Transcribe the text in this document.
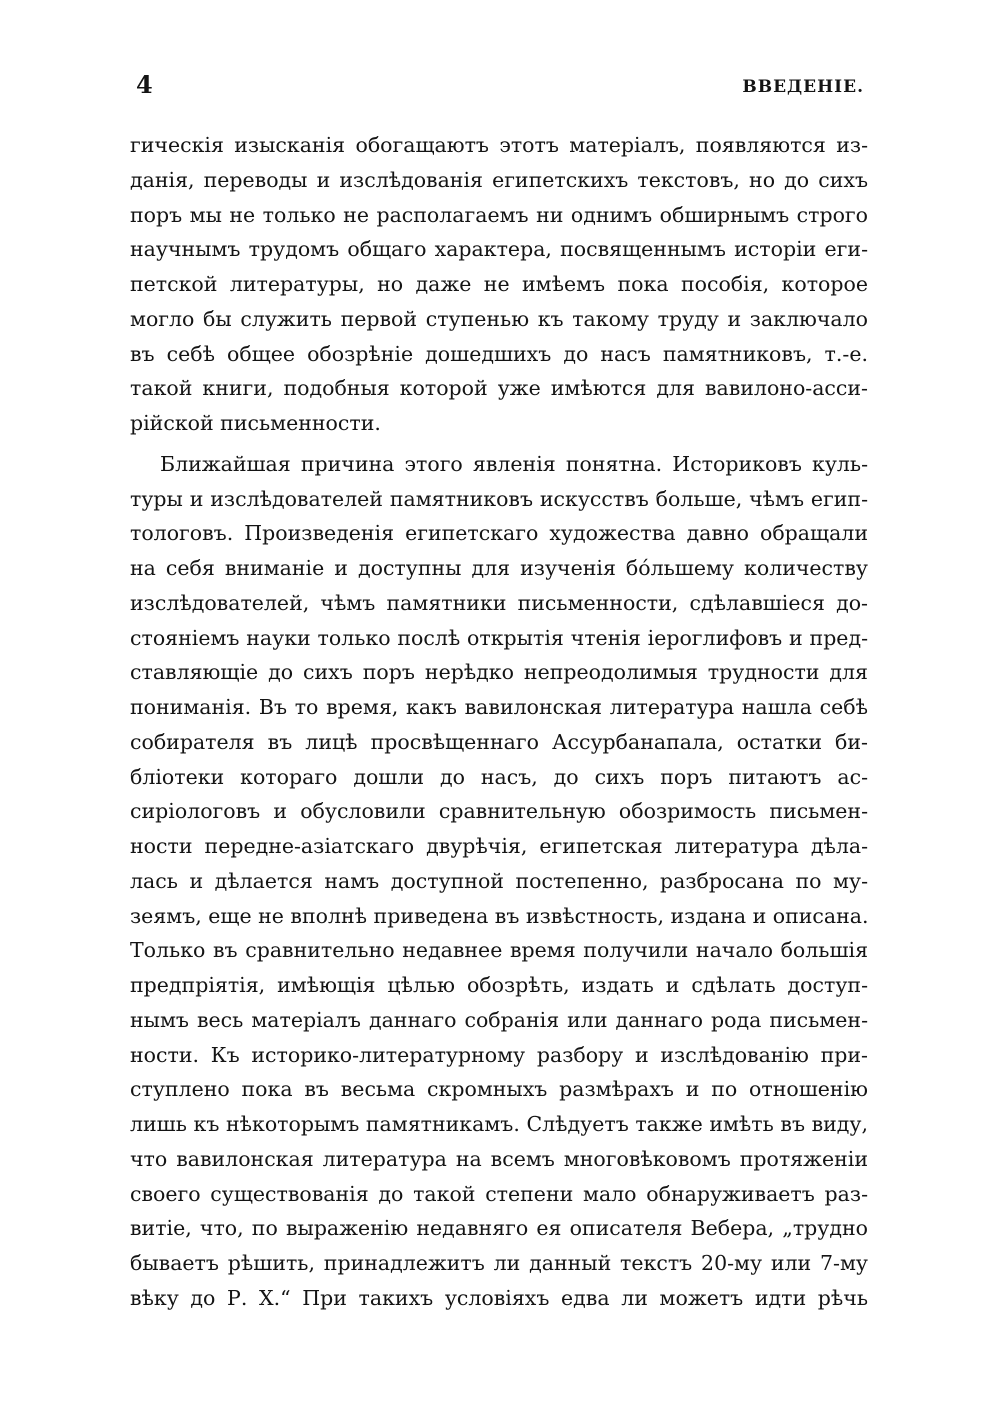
4	ВВЕДЕНІЕ.
гическія изысканія обогащаютъ этотъ матеріалъ, появляются из-
данія, переводы и изслѣдованія египетскихъ текстовъ, но до сихъ
поръ мы не только не располагаемъ ни однимъ обширнымъ строго
научнымъ трудомъ общаго характера, посвященнымъ исторіи еги-
петской литературы, но даже не имѣемъ пока пособія, которое
могло бы служить первой ступенью къ такому труду и заключало
въ себѣ общее обозрѣніе дошедшихъ до насъ памятниковъ, т.-е.
такой книги, подобныя которой уже имѣются для вавилоно-асси-
рійской письменности.
Ближайшая причина этого явленія понятна. Историковъ куль-
туры и изслѣдователей памятниковъ искусствъ больше, чѣмъ егип-
тологовъ. Произведенія египетскаго художества давно обращали
на себя вниманіе и доступны для изученія бо́льшему количеству
изслѣдователей, чѣмъ памятники письменности, сдѣлавшіеся до-
стояніемъ науки только послѣ открытія чтенія іероглифовъ и пред-
ставляющіе до сихъ поръ нерѣдко непреодолимыя трудности для
пониманія. Въ то время, какъ вавилонская литература нашла себѣ
собирателя въ лицѣ просвѣщеннаго Ассурбанапала, остатки би-
бліотеки котораго дошли до насъ, до сихъ поръ питаютъ ас-
сиріологовъ и обусловили сравнительную обозримость письмен-
ности передне-азіатскаго двурѣчія, египетская литература дѣла-
лась и дѣлается намъ доступной постепенно, разбросана по му-
зеямъ, еще не вполнѣ приведена въ извѣстность, издана и описана.
Только въ сравнительно недавнее время получили начало большія
предпріятія, имѣющія цѣлью обозрѣть, издать и сдѣлать доступ-
нымъ весь матеріалъ даннаго собранія или даннаго рода письмен-
ности. Къ историко-литературному разбору и изслѣдованію при-
ступлено пока въ весьма скромныхъ размѣрахъ и по отношенію
лишь къ нѣкоторымъ памятникамъ. Слѣдуетъ также имѣть въ виду,
что вавилонская литература на всемъ многовѣковомъ протяженіи
своего существованія до такой степени мало обнаруживаетъ раз-
витіе, что, по выраженію недавняго ея описателя Вебера, „трудно
бываетъ рѣшить, принадлежитъ ли данный текстъ 20-му или 7-му
вѣку до Р. Х.“ При такихъ условіяхъ едва ли можетъ идти рѣчь
